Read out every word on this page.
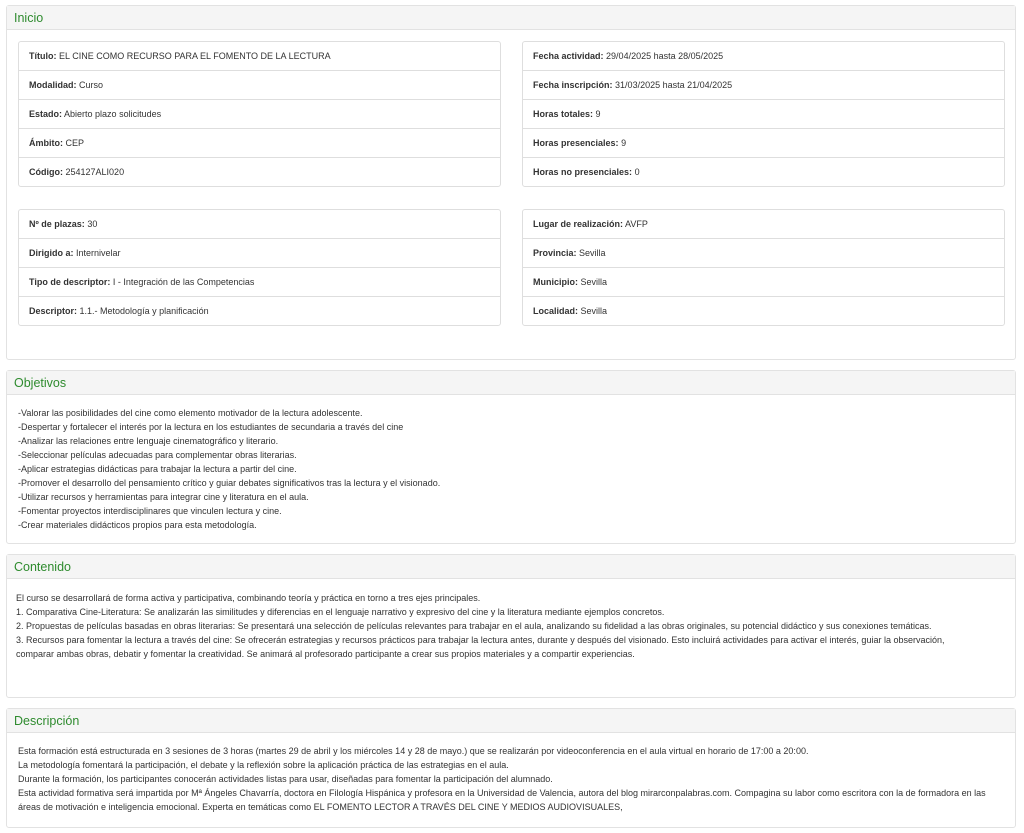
Inicio
Título: EL CINE COMO RECURSO PARA EL FOMENTO DE LA LECTURA
Modalidad: Curso
Estado: Abierto plazo solicitudes
Ámbito: CEP
Código: 254127ALI020
Fecha actividad: 29/04/2025 hasta 28/05/2025
Fecha inscripción: 31/03/2025 hasta 21/04/2025
Horas totales: 9
Horas presenciales: 9
Horas no presenciales: 0
Nº de plazas: 30
Dirigido a: Internivelar
Tipo de descriptor: I - Integración de las Competencias
Descriptor: 1.1.- Metodología y planificación
Lugar de realización: AVFP
Provincia: Sevilla
Municipio: Sevilla
Localidad: Sevilla
Objetivos
-Valorar las posibilidades del cine como elemento motivador de la lectura adolescente.
-Despertar y fortalecer el interés por la lectura en los estudiantes de secundaria a través del cine
-Analizar las relaciones entre lenguaje cinematográfico y literario.
-Seleccionar películas adecuadas para complementar obras literarias.
-Aplicar estrategias didácticas para trabajar la lectura a partir del cine.
-Promover el desarrollo del pensamiento crítico y guiar debates significativos tras la lectura y el visionado.
-Utilizar recursos y herramientas para integrar cine y literatura en el aula.
-Fomentar proyectos interdisciplinares que vinculen lectura y cine.
-Crear materiales didácticos propios para esta metodología.
Contenido
El curso se desarrollará de forma activa y participativa, combinando teoría y práctica en torno a tres ejes principales.
1. Comparativa Cine-Literatura: Se analizarán las similitudes y diferencias en el lenguaje narrativo y expresivo del cine y la literatura mediante ejemplos concretos.
2. Propuestas de películas basadas en obras literarias: Se presentará una selección de películas relevantes para trabajar en el aula, analizando su fidelidad a las obras originales, su potencial didáctico y sus conexiones temáticas.
3. Recursos para fomentar la lectura a través del cine: Se ofrecerán estrategias y recursos prácticos para trabajar la lectura antes, durante y después del visionado. Esto incluirá actividades para activar el interés, guiar la observación,
comparar ambas obras, debatir y fomentar la creatividad. Se animará al profesorado participante a crear sus propios materiales y a compartir experiencias.
Descripción
Esta formación está estructurada en 3 sesiones de 3 horas (martes 29 de abril y los miércoles 14 y 28 de mayo.) que se realizarán por videoconferencia en el aula virtual en horario de 17:00 a 20:00.
La metodología fomentará la participación, el debate y la reflexión sobre la aplicación práctica de las estrategias en el aula.
Durante la formación, los participantes conocerán actividades listas para usar, diseñadas para fomentar la participación del alumnado.
Esta actividad formativa será impartida por Mª Ángeles Chavarría, doctora en Filología Hispánica y profesora en la Universidad de Valencia, autora del blog mirarconpalabras.com. Compagina su labor como escritora con la de formadora en las áreas de motivación e inteligencia emocional. Experta en temáticas como EL FOMENTO LECTOR A TRAVÉS DEL CINE Y MEDIOS AUDIOVISUALES,
